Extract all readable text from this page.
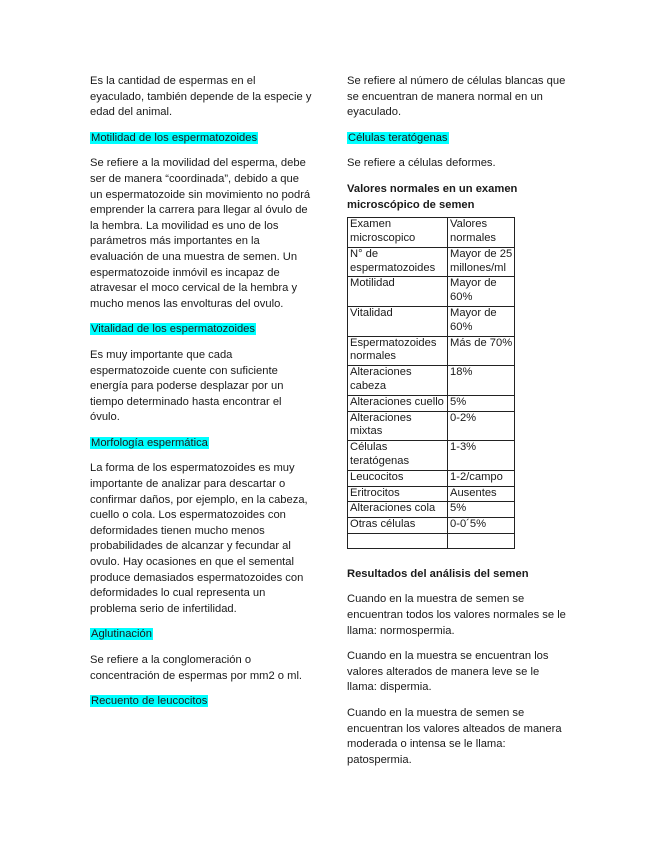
Es la cantidad de espermas en el eyaculado, también depende de la especie y edad del animal.

Motilidad de los espermatozoides

Se refiere a la movilidad del esperma, debe ser de manera “coordinada”, debido a que un espermatozoide sin movimiento no podrá emprender la carrera para llegar al óvulo de la hembra. La movilidad es uno de los parámetros más importantes en la evaluación de una muestra de semen. Un espermatozoide inmóvil es incapaz de atravesar el moco cervical de la hembra y mucho menos las envolturas del ovulo.

Vitalidad de los espermatozoides

Es muy importante que cada espermatozoide cuente con suficiente energía para poderse desplazar por un tiempo determinado hasta encontrar el óvulo.

Morfología espermática

La forma de los espermatozoides es muy importante de analizar para descartar o confirmar daños, por ejemplo, en la cabeza, cuello o cola. Los espermatozoides con deformidades tienen mucho menos probabilidades de alcanzar y fecundar al ovulo. Hay ocasiones en que el semental produce demasiados espermatozoides con deformidades lo cual representa un problema serio de infertilidad.

Aglutinación

Se refiere a la conglomeración o concentración de espermas por mm2 o ml.

Recuento de leucocitos

Se refiere al número de células blancas que se encuentran de manera normal en un eyaculado.

Células teratógenas

Se refiere a células deformes.

Valores normales en un examen microscópico de semen
Examen microscopico	Valores normales
N° de espermatozoides	Mayor de 25 millones/ml
Motilidad	Mayor de 60%
Vitalidad	Mayor de 60%
Espermatozoides normales	Más de 70%
Alteraciones cabeza	18%
Alteraciones cuello	5%
Alteraciones mixtas	0-2%
Células teratógenas	1-3%
Leucocitos	1-2/campo
Eritrocitos	Ausentes
Alteraciones cola	5%
Otras células	0-0´5%

Resultados del análisis del semen

Cuando en la muestra de semen se encuentran todos los valores normales se le llama: normospermia.

Cuando en la muestra se encuentran los valores alterados de manera leve se le llama: dispermia.

Cuando en la muestra de semen se encuentran los valores alteados de manera moderada o intensa se le llama: patospermia.
